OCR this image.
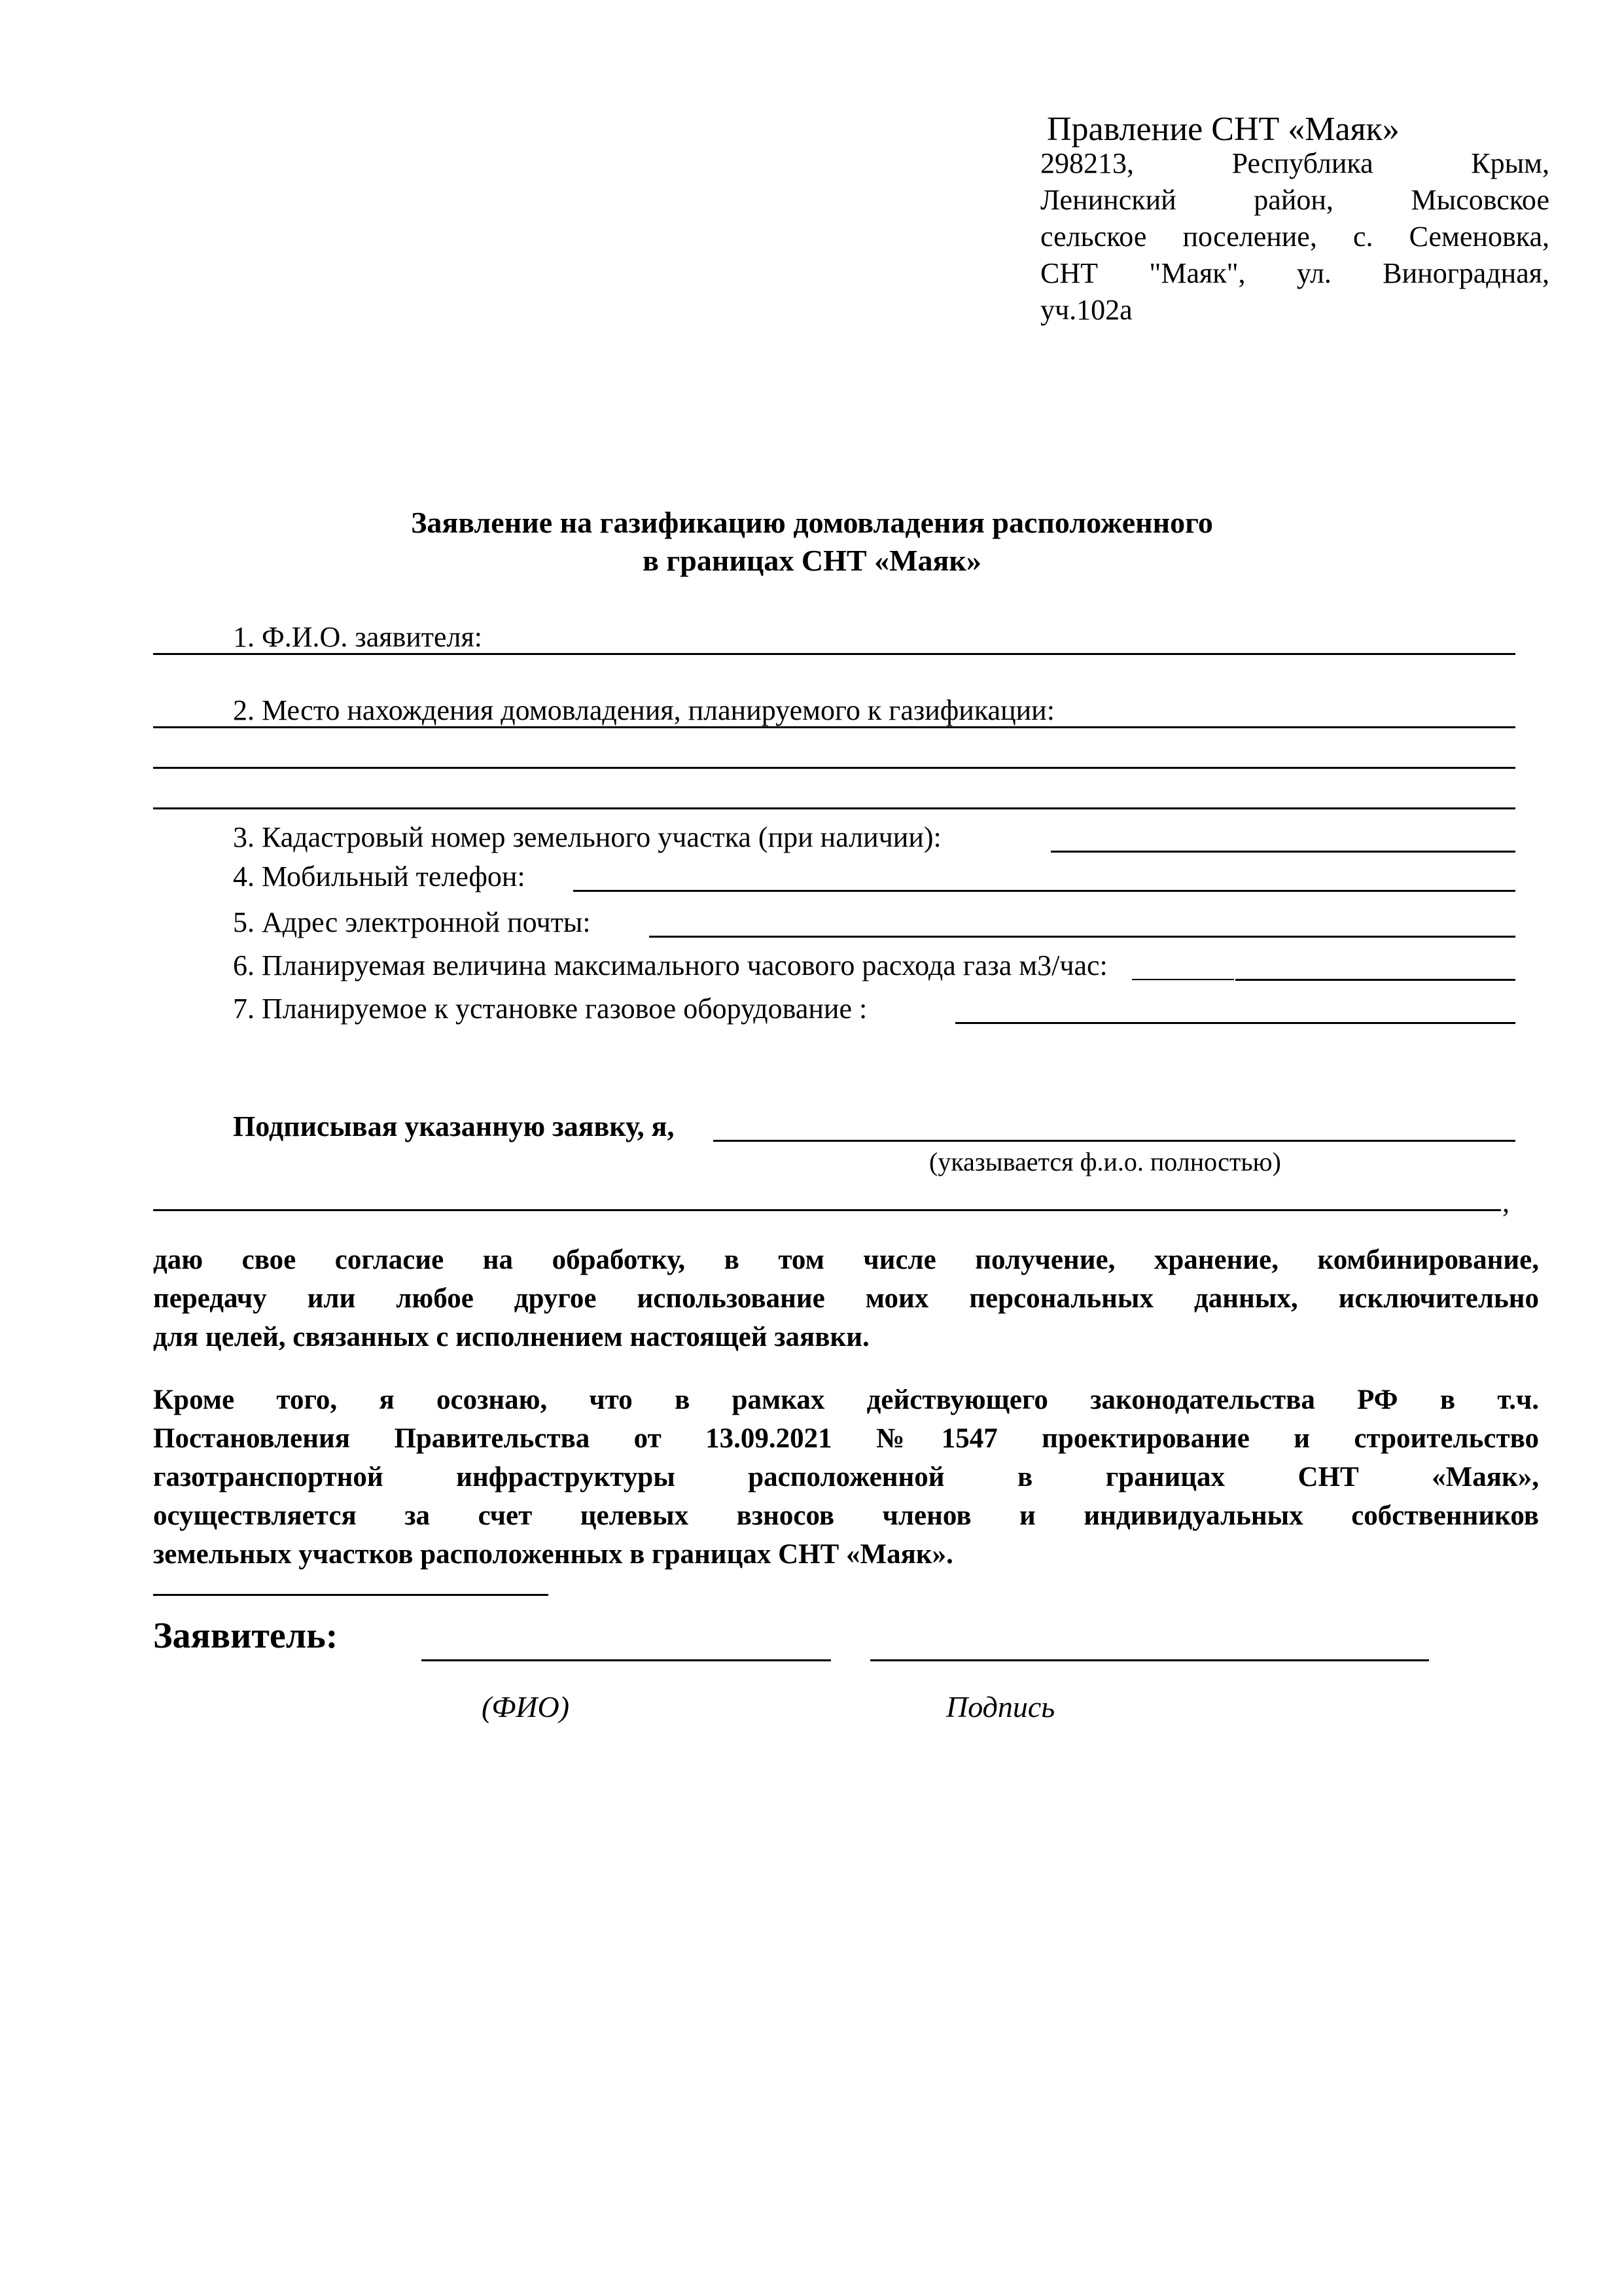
Правление СНТ «Маяк»
298213, Республика Крым,
Ленинский район, Мысовское
сельское поселение, с. Семеновка,
СНТ "Маяк", ул. Виноградная,
уч.102а
Заявление на газификацию домовладения расположенного
в границах СНТ «Маяк»
1. Ф.И.О. заявителя:
2. Место нахождения домовладения, планируемого к газификации:
3. Кадастровый номер земельного участка (при наличии):
4. Мобильный телефон:
5. Адрес электронной почты:
6. Планируемая величина максимального часового расхода газа м3/час:
7. Планируемое к установке газовое оборудование :
Подписывая указанную заявку, я,
(указывается ф.и.о. полностью)
,
даю свое согласие на обработку, в том числе получение, хранение, комбинирование,
передачу или любое другое использование моих персональных данных, исключительно
для целей, связанных с исполнением настоящей заявки.
Кроме того, я осознаю, что в рамках действующего законодательства РФ в т.ч.
Постановления Правительства от 13.09.2021 №1547 проектирование и строительство
газотранспортной инфраструктуры расположенной в границах СНТ «Маяк»,
осуществляется за счет целевых взносов членов и индивидуальных собственников
земельных участков расположенных в границах СНТ «Маяк».
Заявитель:
(ФИО)	Подпись
